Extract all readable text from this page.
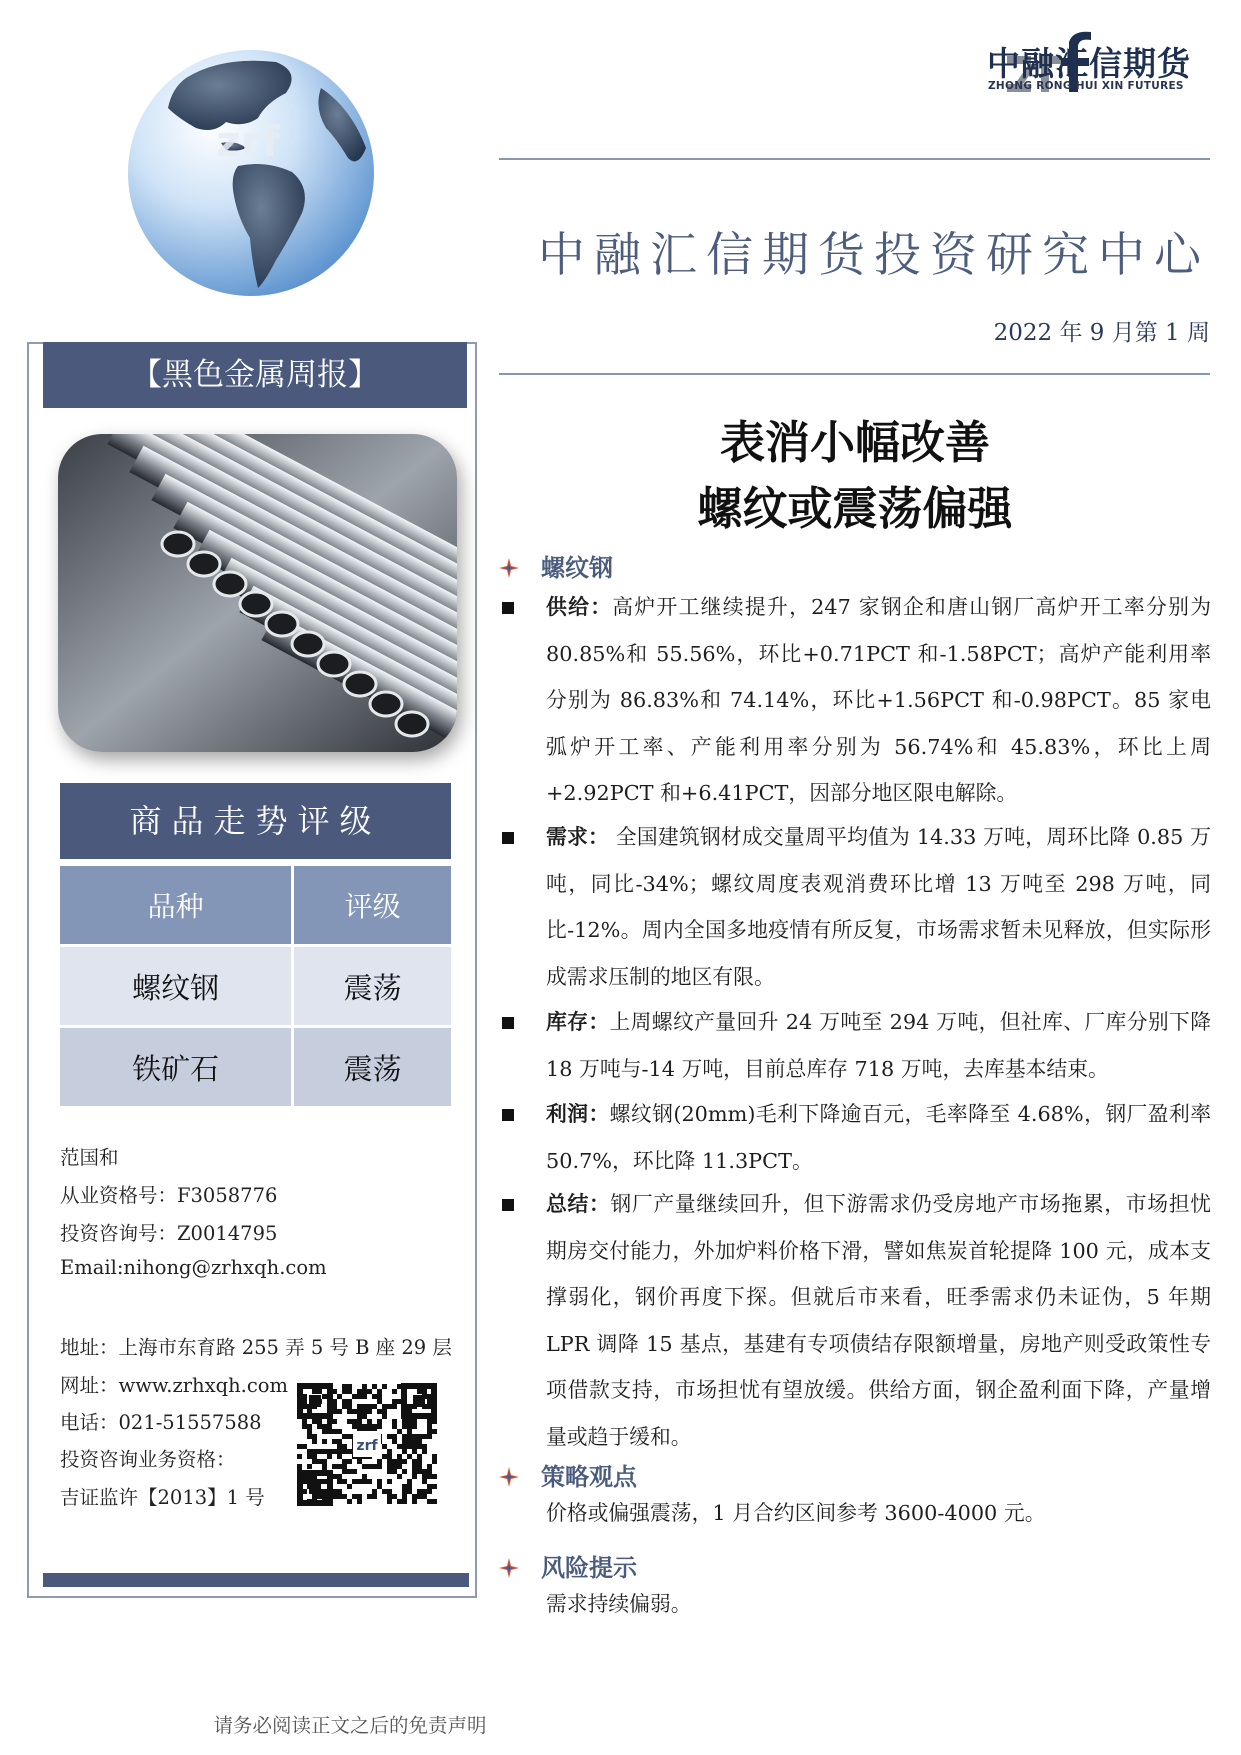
zrf
中融汇信期货
ZHONG RONG HUI XIN FUTURES
中融汇信期货投资研究中心
2022 年 9 月第 1 周
表消小幅改善
螺纹或震荡偏强
【黑色金属周报】
商品走势评级
品种	评级
螺纹钢	震荡
铁矿石	震荡
范国和
从业资格号：F3058776
投资咨询号：Z0014795
Email:nihong@zrhxqh.com
地址：上海市东育路 255 弄 5 号 B 座 29 层
网址：www.zrhxqh.com
电话：021-51557588
投资咨询业务资格：
吉证监许【2013】1 号
zrf
螺纹钢
供给：高炉开工继续提升，247 家钢企和唐山钢厂高炉开工率分别为 80.85%和 55.56%，环比+0.71PCT 和-1.58PCT；高炉产能利用率分别为 86.83%和 74.14%，环比+1.56PCT 和-0.98PCT。85 家电弧炉开工率、产能利用率分别为 56.74%和 45.83%，环比上周+2.92PCT 和+6.41PCT，因部分地区限电解除。
需求： 全国建筑钢材成交量周平均值为 14.33 万吨，周环比降 0.85 万吨，同比-34%；螺纹周度表观消费环比增 13 万吨至 298 万吨，同比-12%。周内全国多地疫情有所反复，市场需求暂未见释放，但实际形成需求压制的地区有限。
库存：上周螺纹产量回升 24 万吨至 294 万吨，但社库、厂库分别下降 18 万吨与-14 万吨，目前总库存 718 万吨，去库基本结束。
利润：螺纹钢(20mm)毛利下降逾百元，毛率降至 4.68%，钢厂盈利率 50.7%，环比降 11.3PCT。
总结：钢厂产量继续回升，但下游需求仍受房地产市场拖累，市场担忧期房交付能力，外加炉料价格下滑，譬如焦炭首轮提降 100 元，成本支撑弱化，钢价再度下探。但就后市来看，旺季需求仍未证伪，5 年期 LPR 调降 15 基点，基建有专项债结存限额增量，房地产则受政策性专项借款支持，市场担忧有望放缓。供给方面，钢企盈利面下降，产量增量或趋于缓和。
策略观点
价格或偏强震荡，1 月合约区间参考 3600-4000 元。
风险提示
需求持续偏弱。
请务必阅读正文之后的免责声明
